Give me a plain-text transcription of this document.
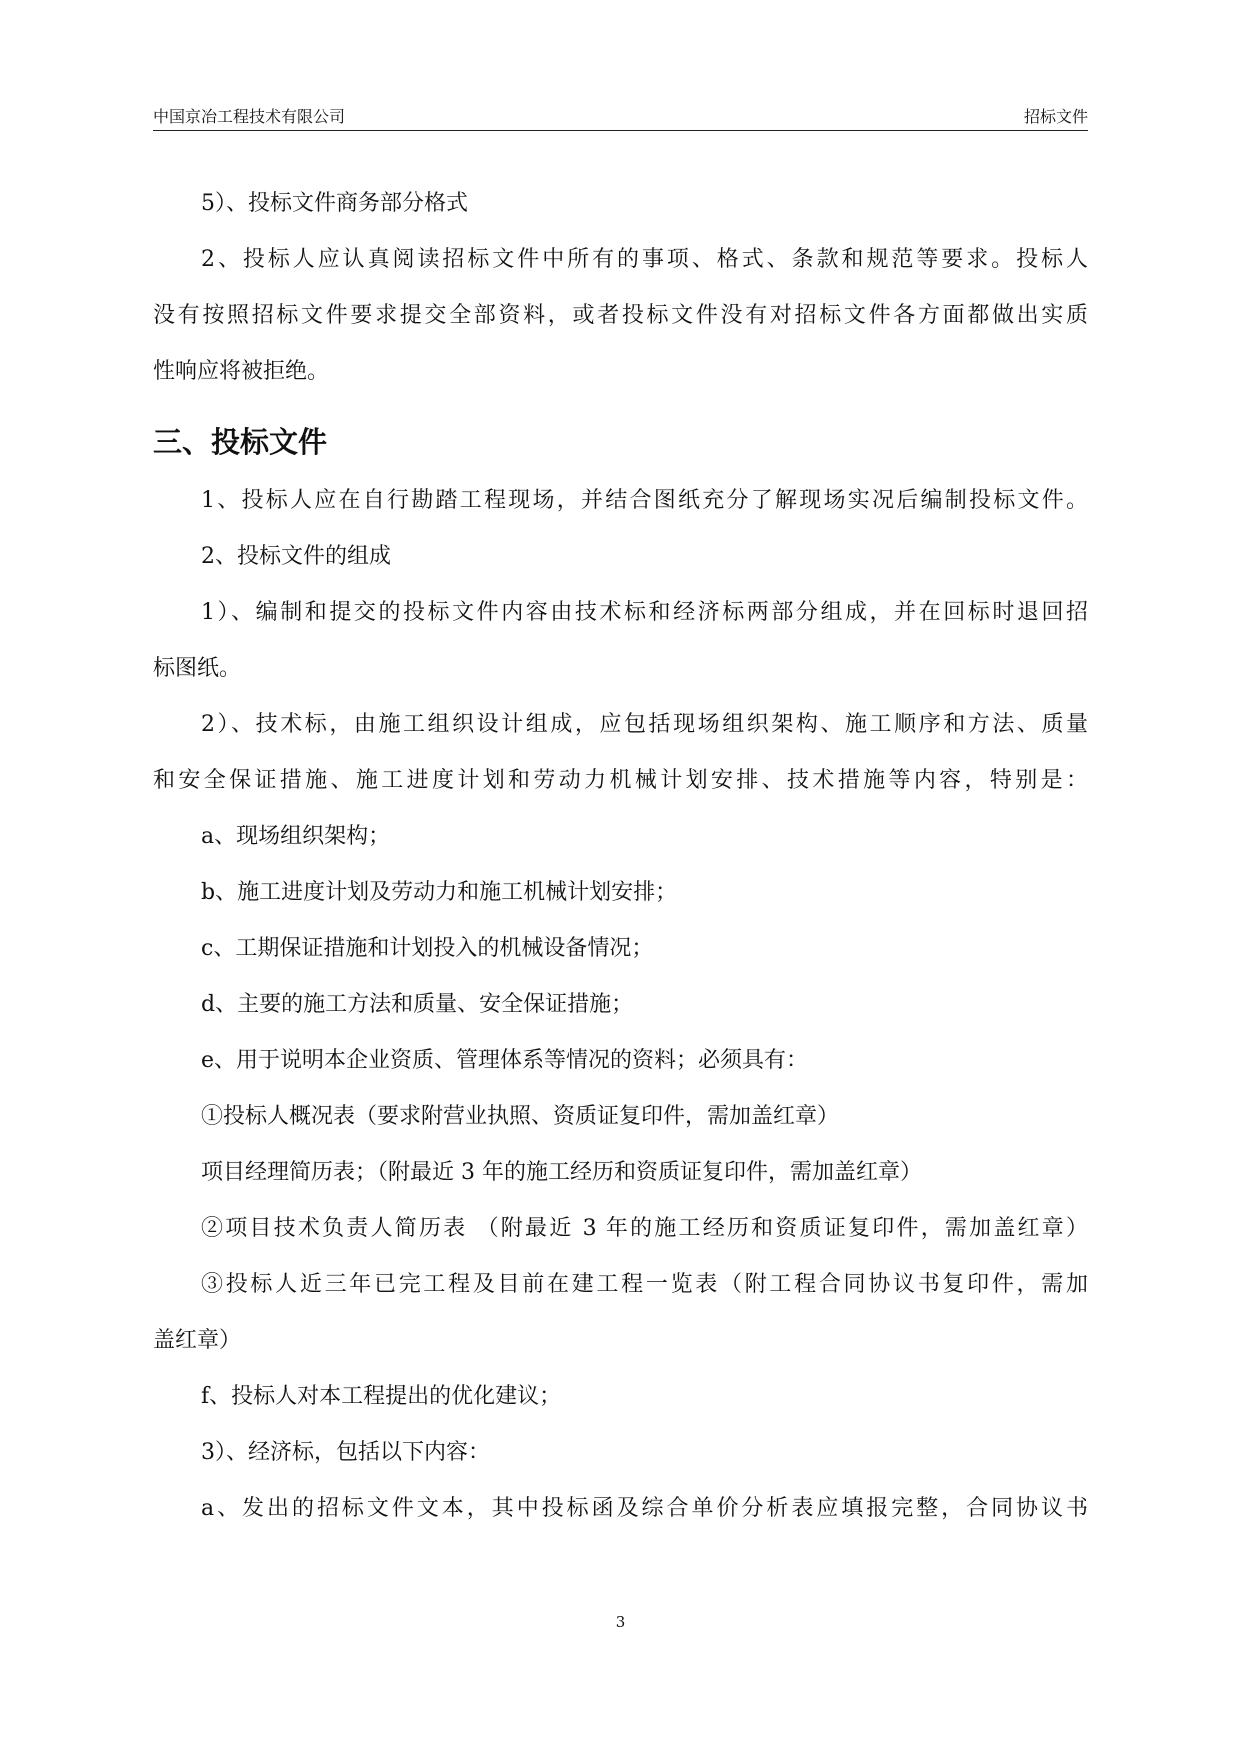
中国京冶工程技术有限公司	招标文件
5）、投标文件商务部分格式
2、投标人应认真阅读招标文件中所有的事项、格式、条款和规范等要求。投标人
没有按照招标文件要求提交全部资料，或者投标文件没有对招标文件各方面都做出实质
性响应将被拒绝。
三、投标文件
1、投标人应在自行勘踏工程现场，并结合图纸充分了解现场实况后编制投标文件。
2、投标文件的组成
1）、编制和提交的投标文件内容由技术标和经济标两部分组成，并在回标时退回招
标图纸。
2）、技术标，由施工组织设计组成，应包括现场组织架构、施工顺序和方法、质量
和安全保证措施、施工进度计划和劳动力机械计划安排、技术措施等内容，特别是：
a、现场组织架构；
b、施工进度计划及劳动力和施工机械计划安排；
c、工期保证措施和计划投入的机械设备情况；
d、主要的施工方法和质量、安全保证措施；
e、用于说明本企业资质、管理体系等情况的资料；必须具有：
①投标人概况表（要求附营业执照、资质证复印件，需加盖红章）
项目经理简历表；（附最近 3 年的施工经历和资质证复印件，需加盖红章）
②项目技术负责人简历表 （附最近 3 年的施工经历和资质证复印件，需加盖红章）
③投标人近三年已完工程及目前在建工程一览表（附工程合同协议书复印件，需加
盖红章）
f、投标人对本工程提出的优化建议；
3）、经济标，包括以下内容：
a、发出的招标文件文本，其中投标函及综合单价分析表应填报完整，合同协议书
3
